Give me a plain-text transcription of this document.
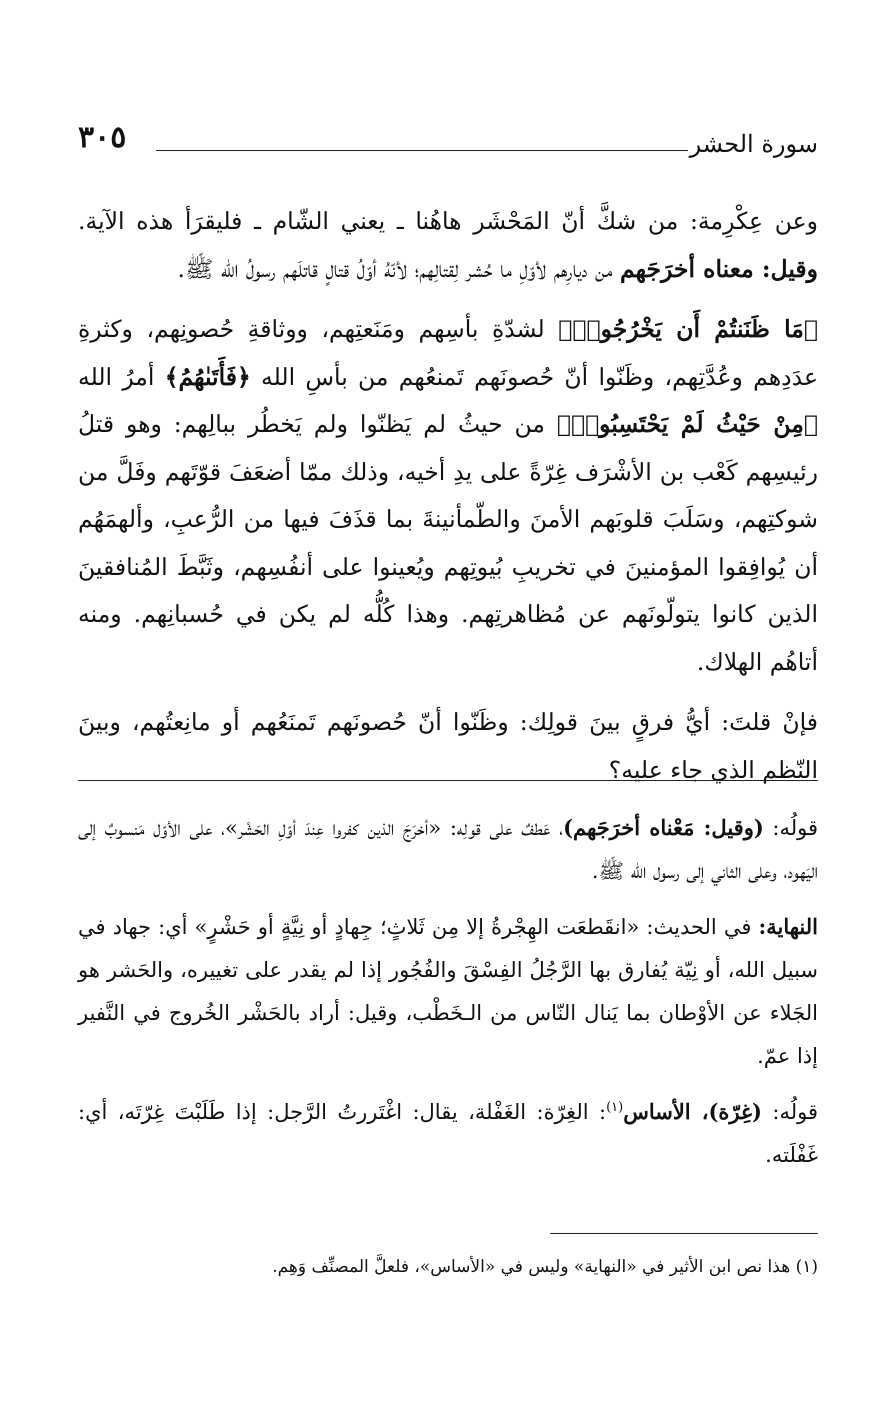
سورة الحشر
٣٠٥

وعن عِكْرِمة: من شكَّ أنّ المَحْشَر هاهُنا ـ يعني الشّام ـ فليقرَأ هذه الآية. وقيل: معناه أخرَجَهم من ديارِهم لأوّلِ ما حُشر لِقتالِهم؛ لأنّهُ أوّلُ قتالٍ قاتلَهم رسولُ الله ﷺ.

﴿مَا ظَنَنتُمْ أَن يَخْرُجُوا۟﴾ لشدّةِ بأسِهم ومَنَعتِهم، ووثاقةِ حُصونِهم، وكثرةِ عدَدِهم وعُدَّتِهم، وظَنّوا أنّ حُصونَهم تَمنعُهم من بأسِ الله ﴿فَأَتَىٰهُمُ﴾ أمرُ الله ﴿مِنْ حَيْثُ لَمْ يَحْتَسِبُوا۟﴾ من حيثُ لم يَظنّوا ولم يَخطُر ببالِهم: وهو قتلُ رئيسِهم كَعْب بن الأشْرَف غِرّةً على يدِ أخيه، وذلك ممّا أضعَفَ قوّتَهم وفَلَّ من شوكتِهم، وسَلَبَ قلوبَهم الأمنَ والطّمأنينةَ بما قذَفَ فيها من الرُّعبِ، وألهمَهُم أن يُوافِقوا المؤمنينَ في تخريبِ بُيوتِهم ويُعينوا على أنفُسِهم، وثَبَّطَ المُنافقينَ الذين كانوا يتولّونَهم عن مُظاهرتِهم. وهذا كُلُّه لم يكن في حُسبانِهم. ومنه أتاهُم الهلاك.

فإنْ قلتَ: أيُّ فرقٍ بينَ قولِك: وظَنّوا أنّ حُصونَهم تَمنَعُهم أو مانِعتُهم، وبينَ النّظم الذي جاء عليه؟

قولُه: (وقيل: مَعْناه أخرَجَهم)، عَطفٌ على قولِه: «أخرَجَ الذين كفروا عِندَ أوّلِ الحَشْر»، على الأوّل مَنسوبٌ إلى اليَهود، وعلى الثاني إلى رسول الله ﷺ.

النهاية: في الحديث: «انقَطعَت الهِجْرةُ إلا مِن ثَلاثٍ؛ جِهادٍ أو نِيَّةٍ أو حَشْرٍ» أي: جهاد في سبيل الله، أو نِيّة يُفارق بها الرَّجُلُ الفِسْقَ والفُجُور إذا لم يقدر على تغييره، والحَشر هو الجَلاء عن الأوْطان بما يَنال النّاس من الـخَطْب، وقيل: أراد بالحَشْر الخُروج في النَّفير إذا عمّ.

قولُه: (غِرّة)، الأساس$^{(١)}$: الغِرّة: الغَفْلة، يقال: اغْتَررتُ الرَّجل: إذا طَلَبْتَ غِرّتَه، أي: غَفْلَته.

(١) هذا نص ابن الأثير في «النهاية» وليس في «الأساس»، فلعلَّ المصنِّف وَهِم.
